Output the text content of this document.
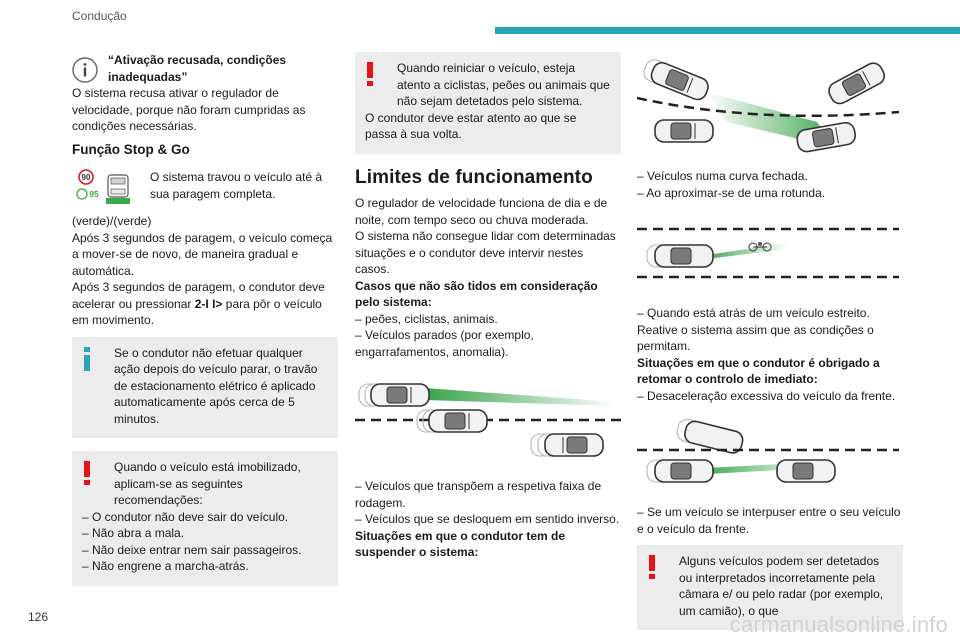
Condução
“Ativação recusada, condições inadequadas”

O sistema recusa ativar o regulador de velocidade, porque não foram cumpridas as condições necessárias.

Função Stop & Go
90
95
O sistema travou o veículo até à sua paragem completa.

(verde)/(verde)

Após 3 segundos de paragem, o veículo começa a mover-se de novo, de maneira gradual e automática.

Após 3 segundos de paragem, o condutor deve acelerar ou pressionar 2-I I> para pôr o veículo em movimento.

Se o condutor não efetuar qualquer ação depois do veículo parar, o travão de estacionamento elétrico é aplicado automaticamente após cerca de 5 minutos.
Quando o veículo está imobilizado, aplicam-se as seguintes recomendações:
– O condutor não deve sair do veículo.
– Não abra a mala.
– Não deixe entrar nem sair passageiros.
– Não engrene a marcha-atrás.
Quando reiniciar o veículo, esteja atento a ciclistas, peões ou animais que não sejam detetados pelo sistema.
O condutor deve estar atento ao que se passa à sua volta.
Limites de funcionamento

O regulador de velocidade funciona de dia e de noite, com tempo seco ou chuva moderada.

O sistema não consegue lidar com determinadas situações e o condutor deve intervir nestes casos.

Casos que não são tidos em consideração pelo sistema:

– peões, ciclistas, animais.
– Veículos parados (por exemplo, engarrafamentos, anomalia).
– Veículos que transpõem a respetiva faixa de rodagem.
– Veículos que se desloquem em sentido inverso.

Situações em que o condutor tem de suspender o sistema:

– Veículos numa curva fechada.
– Ao aproximar-se de uma rotunda.

– Quando está atrás de um veículo estreito.

Reative o sistema assim que as condições o permitam.

Situações em que o condutor é obrigado a retomar o controlo de imediato:

– Desaceleração excessiva do veículo da frente.

– Se um veículo se interpuser entre o seu veículo e o veículo da frente.

Alguns veículos podem ser detetados ou interpretados incorretamente pela câmara e/ ou pelo radar (por exemplo, um camião), o que
126	carmanualsonline.info
